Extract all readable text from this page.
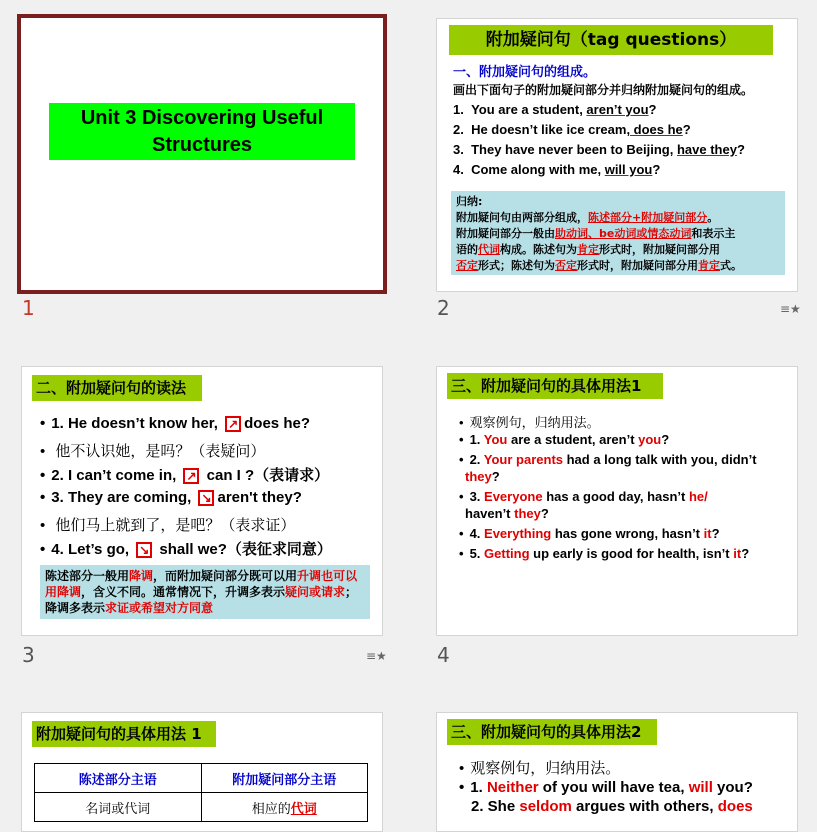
Unit 3 Discovering Useful Structures
1
附加疑问句（tag questions）
一、附加疑问句的组成。
画出下面句子的附加疑问部分并归纳附加疑问句的组成。
1. You are a student, aren’t you?
2. He doesn’t like ice cream, does he?
3. They have never been to Beijing, have they?
4. Come along with me, will you?
归纳:
附加疑问句由两部分组成，陈述部分+附加疑问部分。
附加疑问部分一般由助动词、be动词或情态动词和表示主
语的代词构成。陈述句为肯定形式时，附加疑问部分用
否定形式；陈述句为否定形式时，附加疑问部分用肯定式。
2	≡★
二、附加疑问句的读法
• 1. He doesn’t know her, ↗ does he?
• 他不认识她，是吗？（表疑问）
• 2. I can’t come in, ↗ can I ?（表请求）
• 3. They are coming, ↘ aren't they?
• 他们马上就到了，是吧？（表求证）
• 4. Let’s go, ↘ shall we?（表征求同意）
陈述部分一般用降调，而附加疑问部分既可以用升调也可以用降调，含义不同。通常情况下，升调多表示疑问或请求；降调多表示求证或希望对方同意
3	≡★
三、附加疑问句的具体用法1
• 观察例句，归纳用法。
• 1. You are a student, aren’t you?
• 2. Your parents had a long talk with you, didn’t
they?
• 3. Everyone has a good day, hasn’t he/
haven’t they?
• 4. Everything has gone wrong, hasn’t it?
• 5. Getting up early is good for health, isn’t it?
4
附加疑问句的具体用法 1
陈述部分主语	附加疑问部分主语
名词或代词	相应的代词
三、附加疑问句的具体用法2
• 观察例句，归纳用法。
• 1. Neither of you will have tea, will you?
2. She seldom argues with others, does
